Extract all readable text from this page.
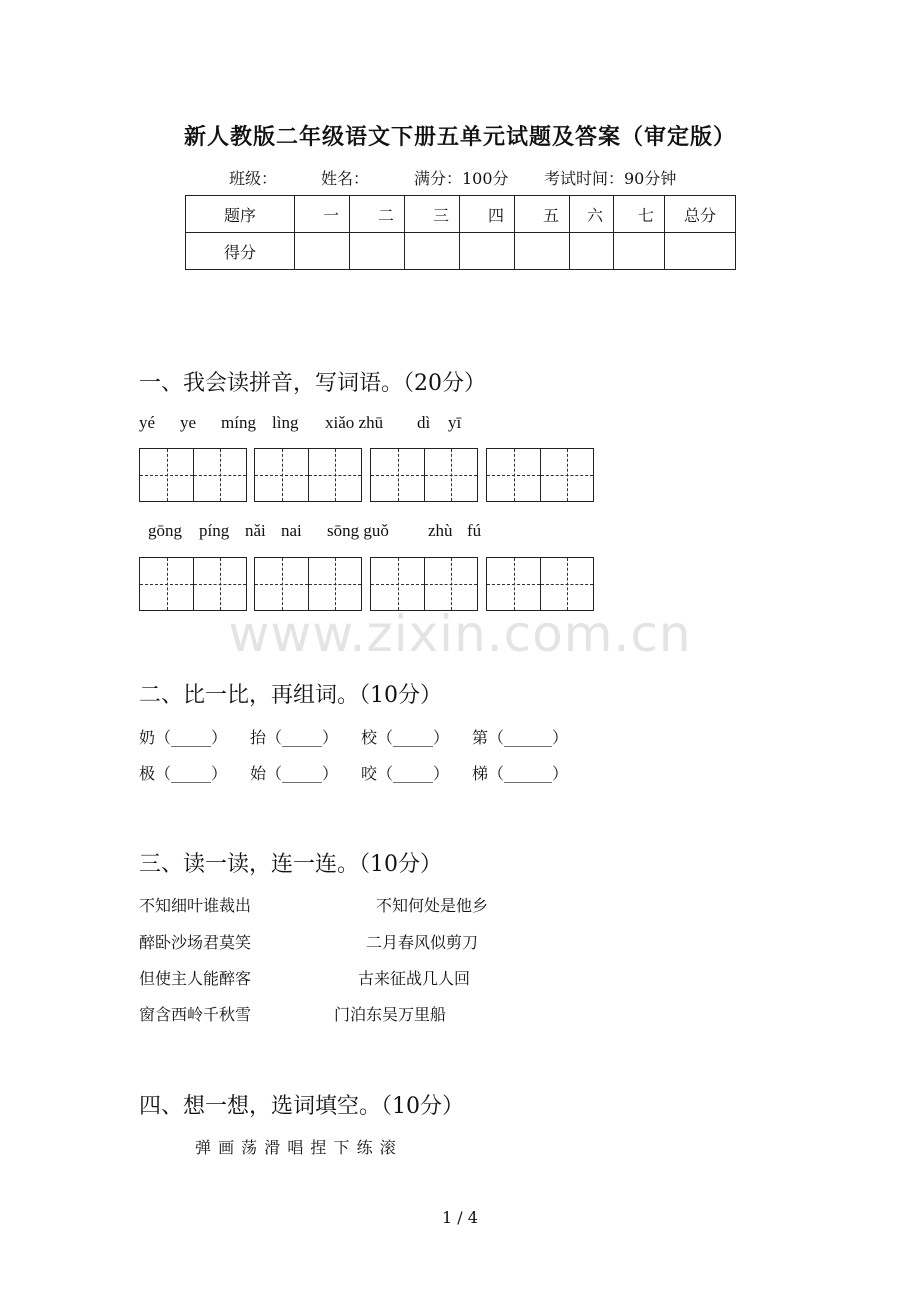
新人教版二年级语文下册五单元试题及答案（审定版）
班级：	姓名：	满分：100分 考试时间：90分钟
题序	一	二	三	四	五	六	七	总分
得分								
一、我会读拼音，写词语。（20分）
yé ye míng lìng xiǎo zhū dì yī
gōng píng nǎi nai sōng guǒ zhù fú
www.zixin.com.cn
二、比一比，再组词。（10分）
奶（_____） 抬（_____） 校（_____） 第（______）
极（_____） 始（_____） 咬（_____） 梯（______）
三、读一读，连一连。（10分）
不知细叶谁裁出
醉卧沙场君莫笑
但使主人能醉客
窗含西岭千秋雪
不知何处是他乡
二月春风似剪刀
古来征战几人回
门泊东吴万里船
四、想一想，选词填空。（10分）
弹 画 荡 滑 唱 捏 下 练 滚
1 / 4
